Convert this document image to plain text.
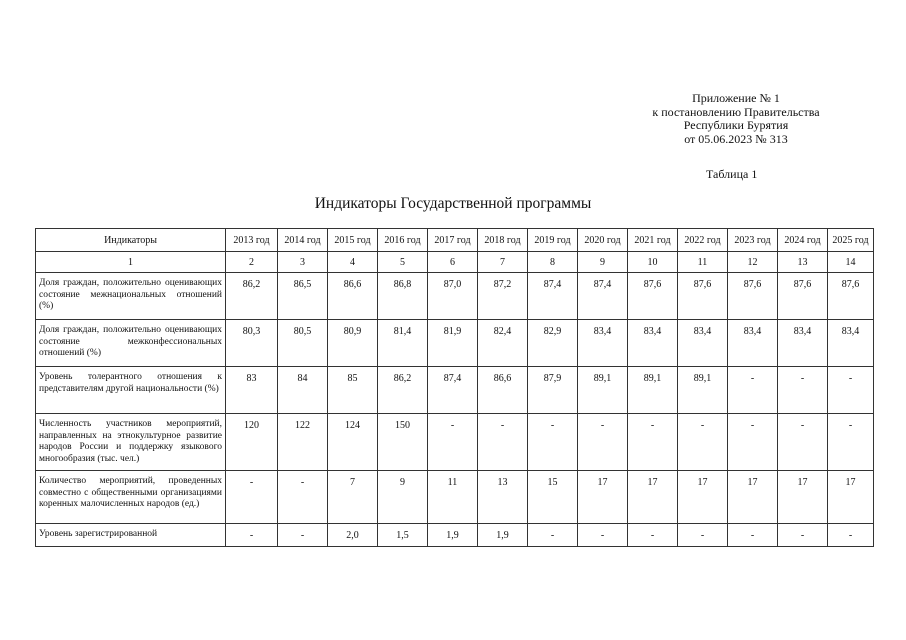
Приложение № 1
к постановлению Правительства
Республики Бурятия
от 05.06.2023 № 313
Таблица 1
Индикаторы Государственной программы
Индикаторы	2013 год	2014 год	2015 год	2016 год	2017 год	2018 год	2019 год	2020 год	2021 год	2022 год	2023 год	2024 год	2025 год
1	2	3	4	5	6	7	8	9	10	11	12	13	14
Доля граждан, положительно оценивающих состояние межнациональных отношений (%)	86,2	86,5	86,6	86,8	87,0	87,2	87,4	87,4	87,6	87,6	87,6	87,6	87,6
Доля граждан, положительно оценивающих состояние межконфессиональных отношений (%)	80,3	80,5	80,9	81,4	81,9	82,4	82,9	83,4	83,4	83,4	83,4	83,4	83,4
Уровень толерантного отношения к представителям другой национальности (%)	83	84	85	86,2	87,4	86,6	87,9	89,1	89,1	89,1	-	-	-
Численность участников мероприятий, направленных на этнокультурное развитие народов России и поддержку языкового многообразия (тыс. чел.)	120	122	124	150	-	-	-	-	-	-	-	-	-
Количество мероприятий, проведенных совместно с общественными организациями коренных малочисленных народов (ед.)	-	-	7	9	11	13	15	17	17	17	17	17	17
Уровень зарегистрированной	-	-	2,0	1,5	1,9	1,9	-	-	-	-	-	-	-
